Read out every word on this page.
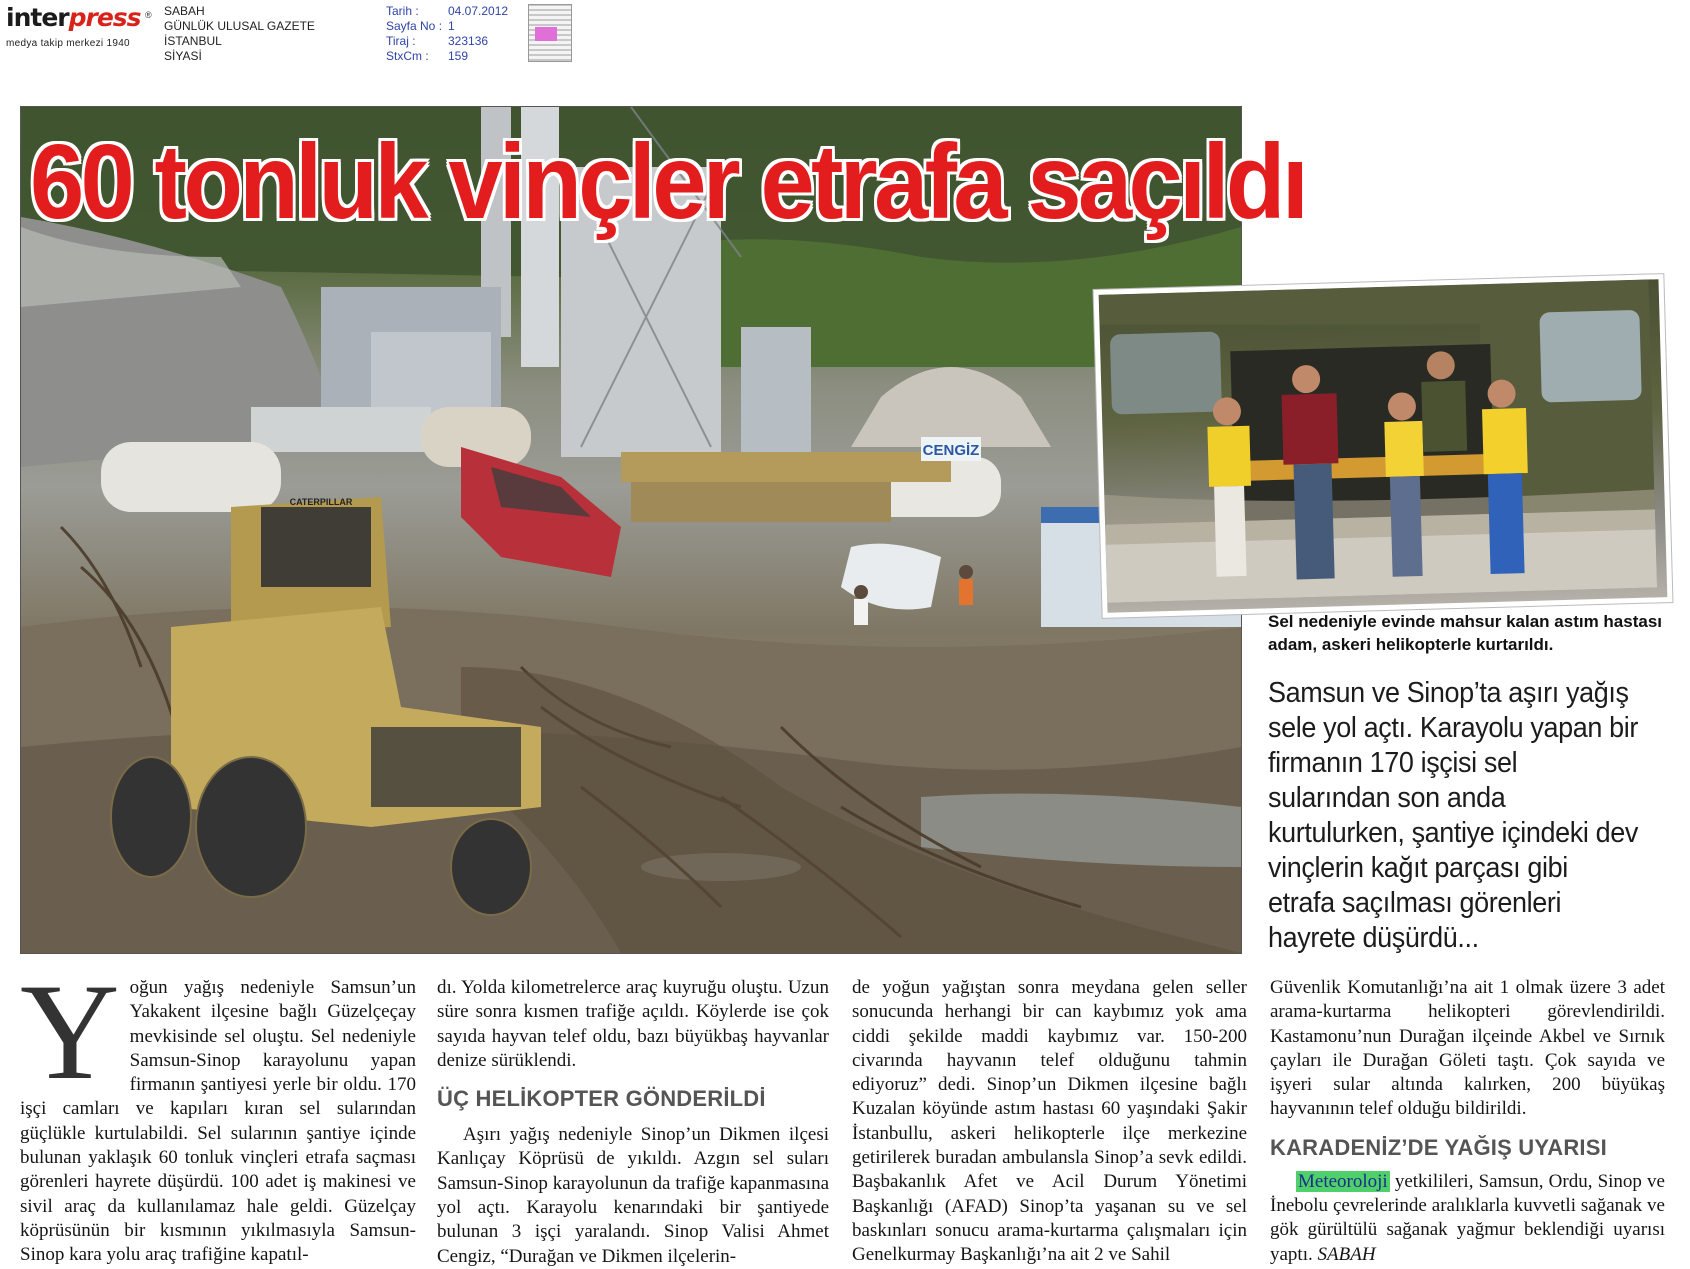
interpress ®
medya takip merkezi 1940
SABAH
GÜNLÜK ULUSAL GAZETE
İSTANBUL
SİYASİ
Tarih : 04.07.2012
Sayfa No : 1
Tiraj :	323136
StxCm : 159
CENGİZ
CATERPILLAR
60 tonluk vinçler etrafa saçıldı

Sel nedeniyle evinde mahsur kalan astım hastası adam, askeri helikopterle kurtarıldı.

Samsun ve Sinop’ta aşırı yağış sele yol açtı. Karayolu yapan bir firmanın 170 işçisi sel sularından son anda kurtulurken, şantiye içindeki dev vinçlerin kağıt parçası gibi etrafa saçılması görenleri hayrete düşürdü...

Y oğun yağış nedeniyle Samsun’un Yakakent ilçesine bağlı Güzelçeçay mevkisinde sel oluştu. Sel nedeniyle Samsun-Sinop karayolunu yapan firmanın şantiyesi yerle bir oldu. 170 işçi camları ve kapıları kıran sel sularından güçlükle kurtulabildi. Sel sularının şantiye içinde bulunan yaklaşık 60 tonluk vinçleri etrafa saçması görenleri hayrete düşürdü. 100 adet iş makinesi ve sivil araç da kullanılamaz hale geldi. Güzelçay köprüsünün bir kısmının yıkılmasıyla Samsun-Sinop kara yolu araç trafiğine kapatıl-

dı. Yolda kilometrelerce araç kuyruğu oluştu. Uzun süre sonra kısmen trafiğe açıldı. Köylerde ise çok sayıda hayvan telef oldu, bazı büyükbaş hayvanlar denize sürüklendi.

ÜÇ HELİKOPTER GÖNDERİLDİ

Aşırı yağış nedeniyle Sinop’un Dikmen ilçesi Kanlıçay Köprüsü de yıkıldı. Azgın sel suları Samsun-Sinop karayolunun da trafiğe kapanmasına yol açtı. Karayolu kenarındaki bir şantiyede bulunan 3 işçi yaralandı. Sinop Valisi Ahmet Cengiz, “Durağan ve Dikmen ilçelerin-

de yoğun yağıştan sonra meydana gelen seller sonucunda herhangi bir can kaybımız yok ama ciddi şekilde maddi kaybımız var. 150-200 civarında hayvanın telef olduğunu tahmin ediyoruz” dedi. Sinop’un Dikmen ilçesine bağlı Kuzalan köyünde astım hastası 60 yaşındaki Şakir İstanbullu, askeri helikopterle ilçe merkezine getirilerek buradan ambulansla Sinop’a sevk edildi. Başbakanlık Afet ve Acil Durum Yönetimi Başkanlığı (AFAD) Sinop’ta yaşanan su ve sel baskınları sonucu arama-kurtarma çalışmaları için Genelkurmay Başkanlığı’na ait 2 ve Sahil

Güvenlik Komutanlığı’na ait 1 olmak üzere 3 adet arama-kurtarma helikopteri görevlendirildi. Kastamonu’nun Durağan ilçeinde Akbel ve Sırnık çayları ile Durağan Göleti taştı. Çok sayıda ve işyeri sular altında kalırken, 200 büyükaş hayvanının telef olduğu bildirildi.

KARADENİZ’DE YAĞIŞ UYARISI

Meteoroloji yetkilileri, Samsun, Ordu, Sinop ve İnebolu çevrelerinde aralıklarla kuvvetli sağanak ve gök gürültülü sağanak yağmur beklendiği uyarısı yaptı. SABAH
